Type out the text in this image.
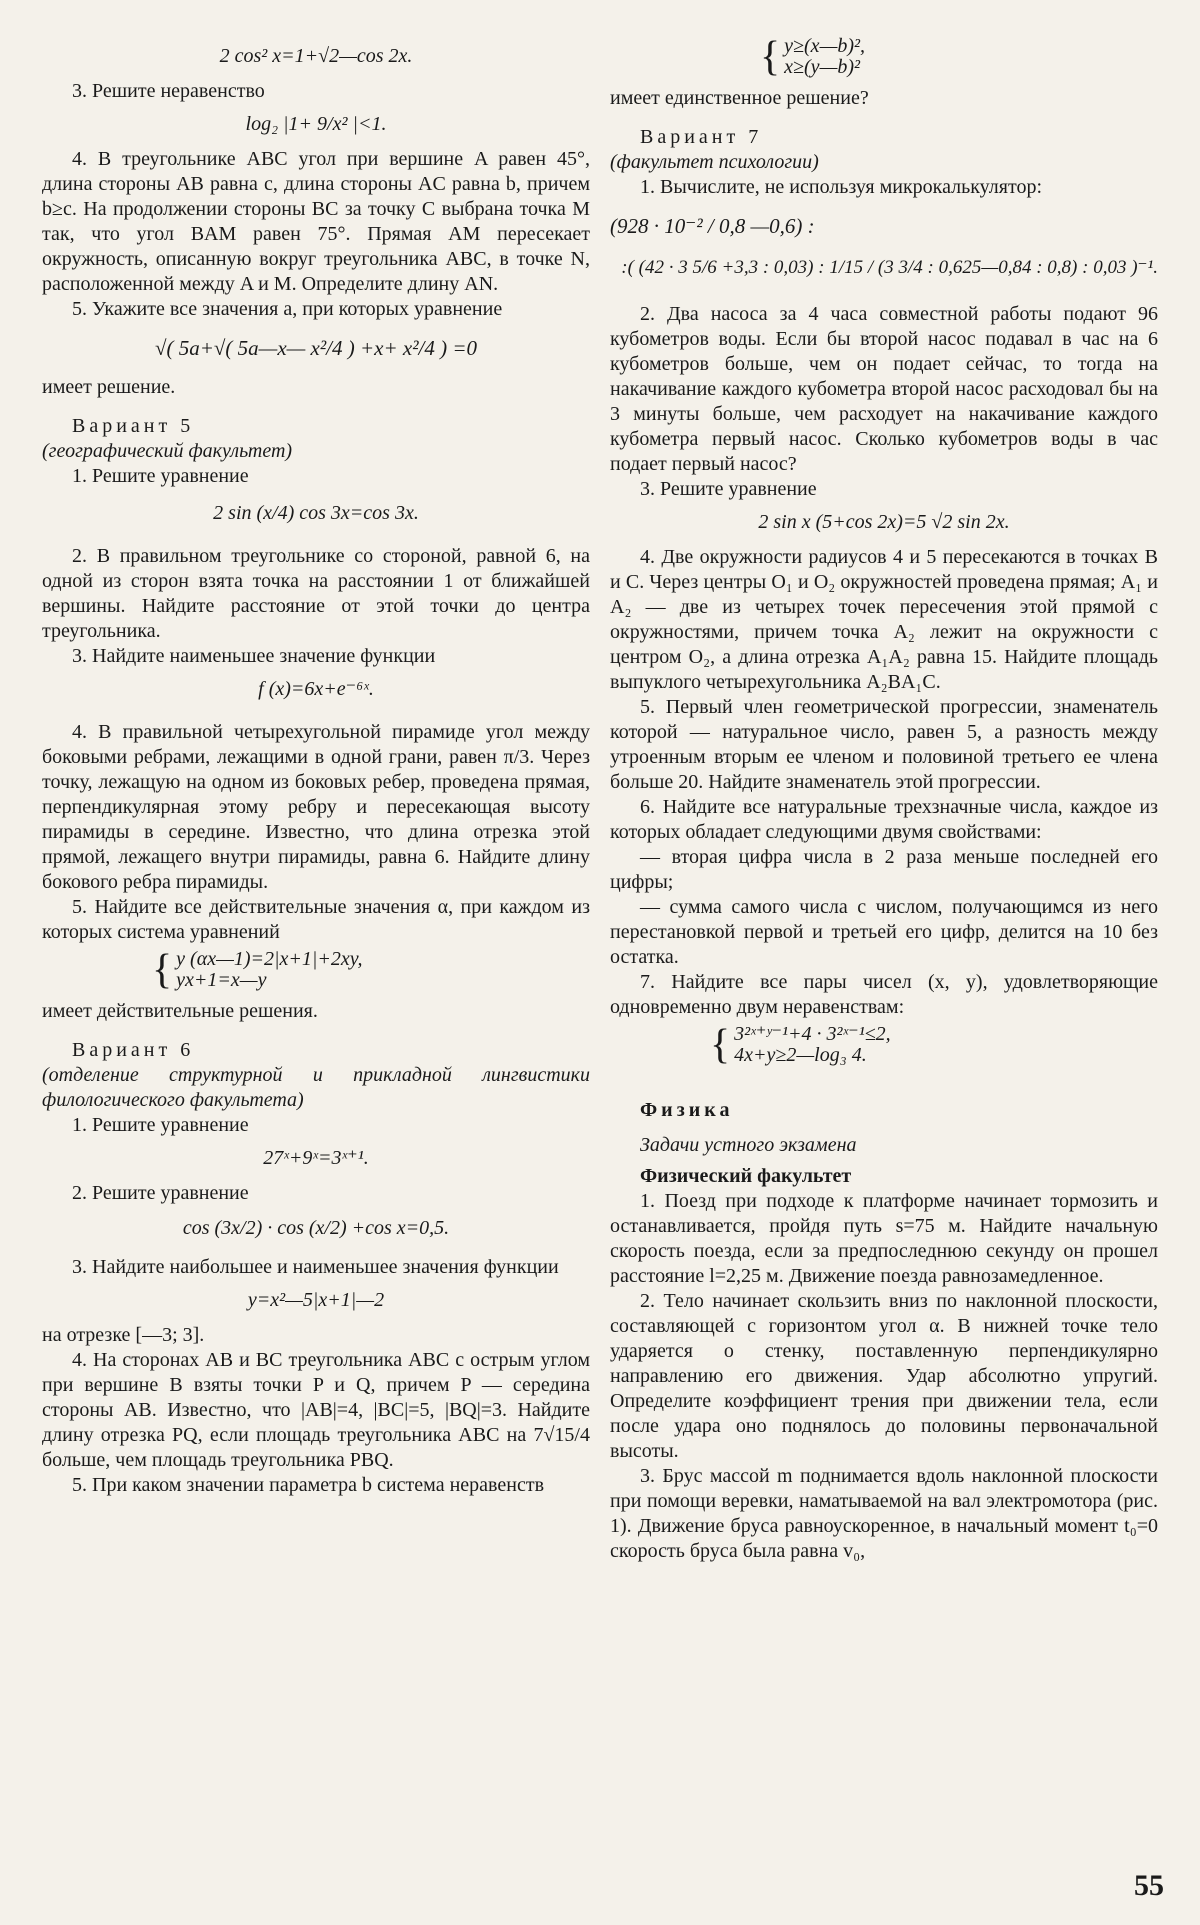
2 cos² x=1+√2—cos 2x.

3. Решите неравенство

log₂ |1+ 9/x² |<1.

4. В треугольнике ABC угол при вершине A равен 45°, длина стороны AB равна c, длина стороны AC равна b, причем b≥c. На продолжении стороны BC за точку C выбрана точка M так, что угол BAM равен 75°. Прямая AM пересекает окружность, описанную вокруг треугольника ABC, в точке N, расположенной между A и M. Определите длину AN.

5. Укажите все значения a, при которых уравнение

√( 5a+√( 5a—x— x²/4 ) +x+ x²/4 ) =0

имеет решение.

Вариант 5

(географический факультет)

1. Решите уравнение

2 sin (x/4) cos 3x=cos 3x.

2. В правильном треугольнике со стороной, равной 6, на одной из сторон взята точка на расстоянии 1 от ближайшей вершины. Найдите расстояние от этой точки до центра треугольника.

3. Найдите наименьшее значение функции

f (x)=6x+e⁻⁶ˣ.

4. В правильной четырехугольной пирамиде угол между боковыми ребрами, лежащими в одной грани, равен π/3. Через точку, лежащую на одном из боковых ребер, проведена прямая, перпендикулярная этому ребру и пересекающая высоту пирамиды в середине. Известно, что длина отрезка этой прямой, лежащего внутри пирамиды, равна 6. Найдите длину бокового ребра пирамиды.

5. Найдите все действительные значения α, при каждом из которых система уравнений

{ y (αx—1)=2|x+1|+2xy,
yx+1=x—y

имеет действительные решения.

Вариант 6

(отделение структурной и прикладной лингвистики филологического факультета)

1. Решите уравнение

27ˣ+9ˣ=3ˣ⁺¹.

2. Решите уравнение

cos (3x/2) · cos (x/2) +cos x=0,5.

3. Найдите наибольшее и наименьшее значения функции

y=x²—5|x+1|—2

на отрезке [—3; 3].

4. На сторонах AB и BC треугольника ABC с острым углом при вершине B взяты точки P и Q, причем P — середина стороны AB. Известно, что |AB|=4, |BC|=5, |BQ|=3. Найдите длину отрезка PQ, если площадь треугольника ABC на 7√15/4 больше, чем площадь треугольника PBQ.

5. При каком значении параметра b системa неравенств

{ y≥(x—b)²,
x≥(y—b)²

имеет единственное решение?

Вариант 7

(факультет психологии)

1. Вычислите, не используя микрокалькулятор:

(928 · 10⁻² / 0,8 —0,6) :

:( (42 · 3 5/6 +3,3 : 0,03) : 1/15 / (3 3/4 : 0,625—0,84 : 0,8) : 0,03 )⁻¹.

2. Два насоса за 4 часа совместной работы подают 96 кубометров воды. Если бы второй насос подавал в час на 6 кубометров больше, чем он подает сейчас, то тогда на накачивание каждого кубометра второй насос расходовал бы на 3 минуты больше, чем расходует на накачивание каждого кубометра первый насос. Сколько кубометров воды в час подает первый насос?

3. Решите уравнение

2 sin x (5+cos 2x)=5 √2 sin 2x.

4. Две окружности радиусов 4 и 5 пересекаются в точках B и C. Через центры O₁ и O₂ окружностей проведена прямая; A₁ и A₂ — две из четырех точек пересечения этой прямой с окружностями, причем точка A₂ лежит на окружности с центром O₂, а длина отрезка A₁A₂ равна 15. Найдите площадь выпуклого четырехугольника A₂BA₁C.

5. Первый член геометрической прогрессии, знаменатель которой — натуральное число, равен 5, а разность между утроенным вторым ее членом и половиной третьего ее члена больше 20. Найдите знаменатель этой прогрессии.

6. Найдите все натуральные трехзначные числа, каждое из которых обладает следующими двумя свойствами:

— вторая цифра числа в 2 раза меньше последней его цифры;

— сумма самого числа с числом, получающимся из него перестановкой первой и третьей его цифр, делится на 10 без остатка.

7. Найдите все пары чисел (x, y), удовлетворяющие одновременно двум неравенствам:

{ 3²ˣ⁺ʸ⁻¹+4 · 3²ˣ⁻¹≤2,
4x+y≥2—log₃ 4.

Физика

Задачи устного экзамена

Физический факультет

1. Поезд при подходе к платформе начинает тормозить и останавливается, пройдя путь s=75 м. Найдите начальную скорость поезда, если за предпоследнюю секунду он прошел расстояние l=2,25 м. Движение поезда равнозамедленное.

2. Тело начинает скользить вниз по наклонной плоскости, составляющей с горизонтом угол α. В нижней точке тело ударяется о стенку, поставленную перпендикулярно направлению его движения. Удар абсолютно упругий. Определите коэффициент трения при движении тела, если после удара оно поднялось до половины первоначальной высоты.

3. Брус массой m поднимается вдоль наклонной плоскости при помощи веревки, наматываемой на вал электромотора (рис. 1). Движение бруса равноускоренное, в начальный момент t₀=0 скорость бруса была равна v₀,

55
